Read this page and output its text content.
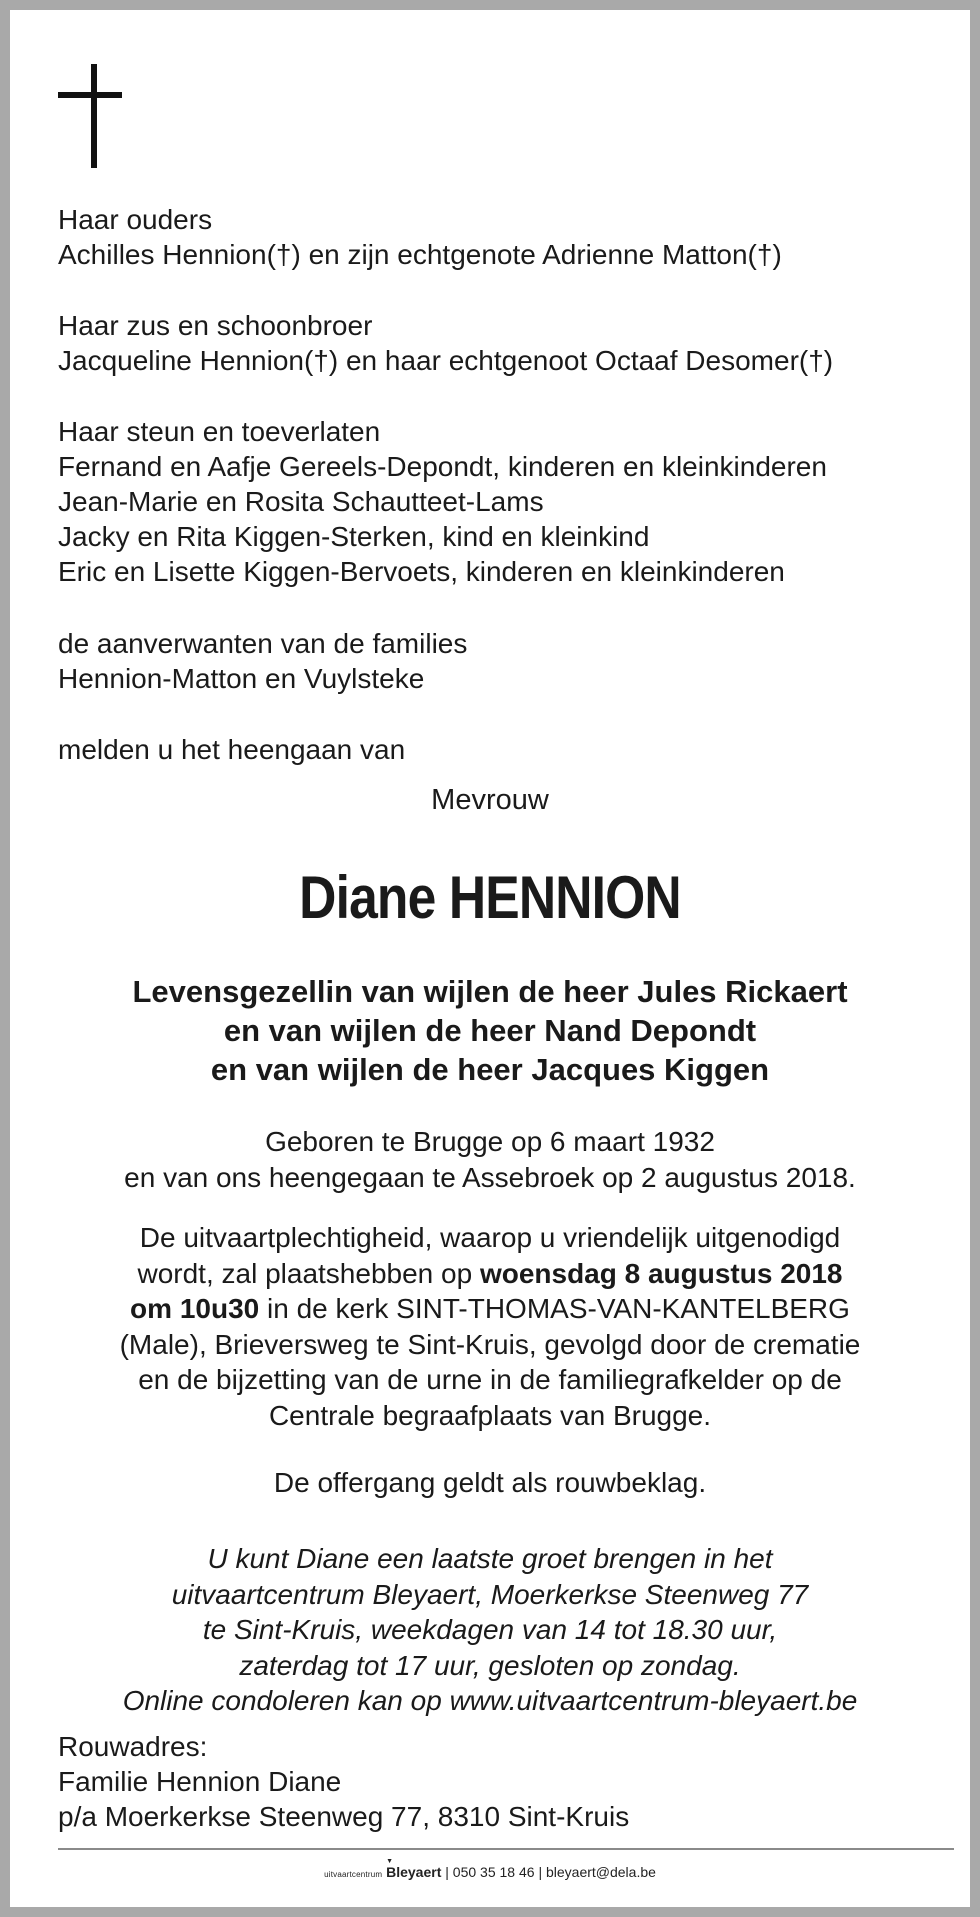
Haar ouders
Achilles Hennion(†) en zijn echtgenote Adrienne Matton(†)
Haar zus en schoonbroer
Jacqueline Hennion(†) en haar echtgenoot Octaaf Desomer(†)
Haar steun en toeverlaten
Fernand en Aafje Gereels-Depondt, kinderen en kleinkinderen
Jean-Marie en Rosita Schautteet-Lams
Jacky en Rita Kiggen-Sterken, kind en kleinkind
Eric en Lisette Kiggen-Bervoets, kinderen en kleinkinderen
de aanverwanten van de families
Hennion-Matton en Vuylsteke
melden u het heengaan van
Mevrouw
Diane HENNION
Levensgezellin van wijlen de heer Jules Rickaert
en van wijlen de heer Nand Depondt
en van wijlen de heer Jacques Kiggen
Geboren te Brugge op 6 maart 1932
en van ons heengegaan te Assebroek op 2 augustus 2018.
De uitvaartplechtigheid, waarop u vriendelijk uitgenodigd
wordt, zal plaatshebben op woensdag 8 augustus 2018
om 10u30 in de kerk SINT-THOMAS-VAN-KANTELBERG
(Male), Brieversweg te Sint-Kruis, gevolgd door de crematie
en de bijzetting van de urne in de familiegrafkelder op de
Centrale begraafplaats van Brugge.
De offergang geldt als rouwbeklag.
U kunt Diane een laatste groet brengen in het
uitvaartcentrum Bleyaert, Moerkerkse Steenweg 77
te Sint-Kruis, weekdagen van 14 tot 18.30 uur,
zaterdag tot 17 uur, gesloten op zondag.
Online condoleren kan op www.uitvaartcentrum-bleyaert.be
Rouwadres:
Familie Hennion Diane
p/a Moerkerkse Steenweg 77, 8310 Sint-Kruis
uitvaartcentrum
▼
Bleyaert | 050 35 18 46 | bleyaert@dela.be
